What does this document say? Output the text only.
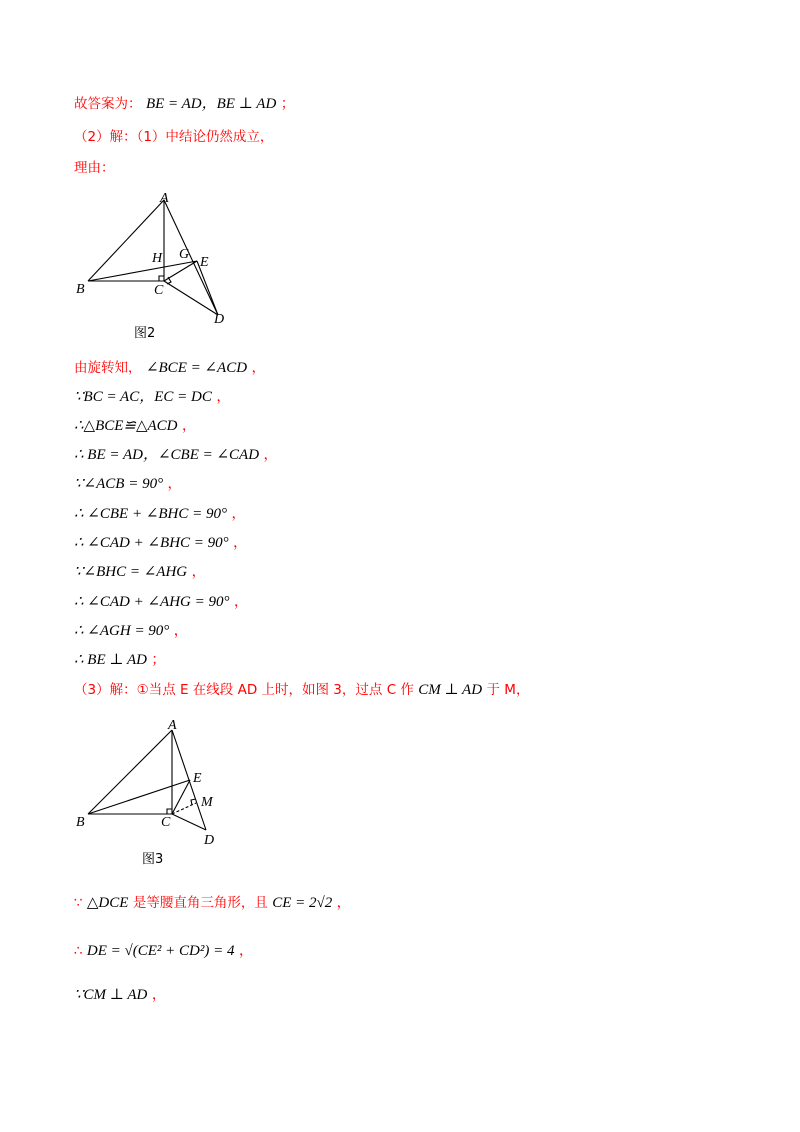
故答案为： BE = AD，BE ⊥ AD ；
（2）解：（1）中结论仍然成立，
理由：
A
B	C
D
E
G
H
图2
由旋转知， ∠BCE = ∠ACD ，
∵BC = AC，EC = DC ，
∴△BCE≌△ACD ，
∴ BE = AD，∠CBE = ∠CAD ，
∵∠ACB = 90° ，
∴ ∠CBE + ∠BHC = 90° ，
∴ ∠CAD + ∠BHC = 90° ，
∵∠BHC = ∠AHG ，
∴ ∠CAD + ∠AHG = 90° ，
∴ ∠AGH = 90° ，
∴ BE ⊥ AD ；
（3）解：①当点 E 在线段 AD 上时，如图 3，过点 C 作 CM ⊥ AD 于 M，
A
B	C
D
E
M
图3
∵ △DCE 是等腰直角三角形，且 CE = 2√2 ，
∴ DE = √(CE² + CD²) = 4 ，
∵CM ⊥ AD ，
